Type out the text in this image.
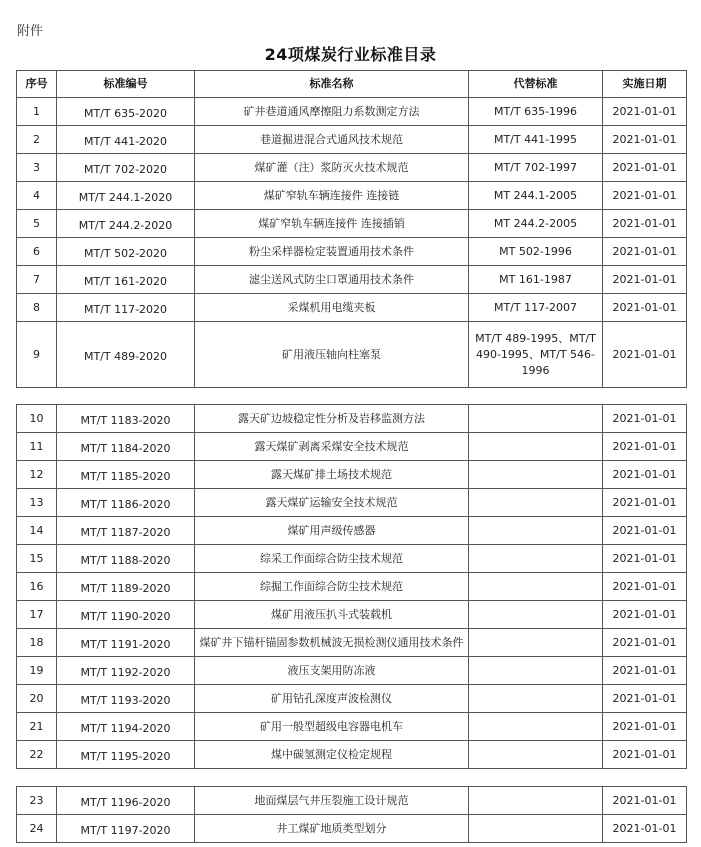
附件
24项煤炭行业标准目录
序号	标准编号	标准名称	代替标准	实施日期
1	MT/T 635-2020	矿井巷道通风摩擦阻力系数测定方法	MT/T 635-1996	2021-01-01
2	MT/T 441-2020	巷道掘进混合式通风技术规范	MT/T 441-1995	2021-01-01
3	MT/T 702-2020	煤矿灌（注）浆防灭火技术规范	MT/T 702-1997	2021-01-01
4	MT/T 244.1-2020	煤矿窄轨车辆连接件 连接链	MT 244.1-2005	2021-01-01
5	MT/T 244.2-2020	煤矿窄轨车辆连接件 连接插销	MT 244.2-2005	2021-01-01
6	MT/T 502-2020	粉尘采样器检定装置通用技术条件	MT 502-1996	2021-01-01
7	MT/T 161-2020	滤尘送风式防尘口罩通用技术条件	MT 161-1987	2021-01-01
8	MT/T 117-2020	采煤机用电缆夹板	MT/T 117-2007	2021-01-01
9	MT/T 489-2020	矿用液压轴向柱塞泵	MT/T 489-1995、MT/T 490-1995、MT/T 546-1996	2021-01-01
10	MT/T 1183-2020	露天矿边坡稳定性分析及岩移监测方法		2021-01-01
11	MT/T 1184-2020	露天煤矿剥离采煤安全技术规范		2021-01-01
12	MT/T 1185-2020	露天煤矿排土场技术规范		2021-01-01
13	MT/T 1186-2020	露天煤矿运输安全技术规范		2021-01-01
14	MT/T 1187-2020	煤矿用声级传感器		2021-01-01
15	MT/T 1188-2020	综采工作面综合防尘技术规范		2021-01-01
16	MT/T 1189-2020	综掘工作面综合防尘技术规范		2021-01-01
17	MT/T 1190-2020	煤矿用液压扒斗式装载机		2021-01-01
18	MT/T 1191-2020	煤矿井下锚杆锚固参数机械波无损检测仪通用技术条件		2021-01-01
19	MT/T 1192-2020	液压支架用防冻液		2021-01-01
20	MT/T 1193-2020	矿用钻孔深度声波检测仪		2021-01-01
21	MT/T 1194-2020	矿用一般型超级电容器电机车		2021-01-01
22	MT/T 1195-2020	煤中碳氢测定仪检定规程		2021-01-01
23	MT/T 1196-2020	地面煤层气井压裂施工设计规范		2021-01-01
24	MT/T 1197-2020	井工煤矿地质类型划分		2021-01-01
